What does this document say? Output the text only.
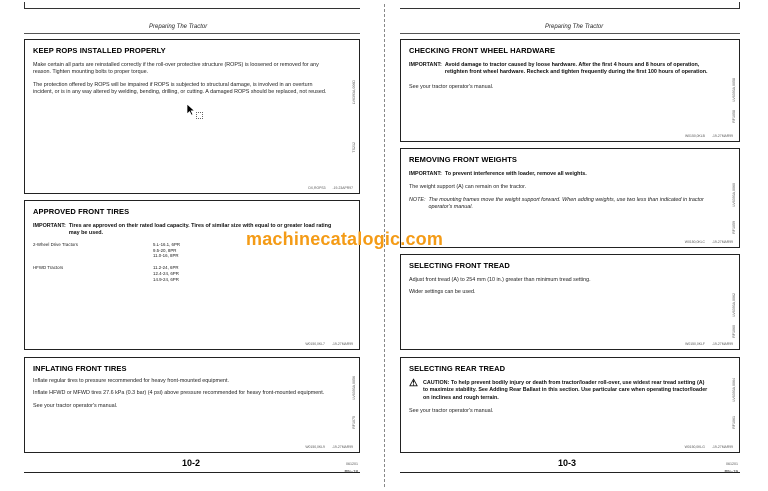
Preparing The Tractor
KEEP ROPS INSTALLED PROPERLY

Make certain all parts are reinstalled correctly if the roll-over protective structure (ROPS) is loosened or removed for any reason. Tighten mounting bolts to proper torque.

The protection offered by ROPS will be impaired if ROPS is subjected to structural damage, is involved in an overturn incident, or is in any way altered by welding, bending, drilling, or cutting. A damaged ROPS should be replaced, not reused.	LV6393A,006D
TS212
DX,ROPS3 -19-23APR97
APPROVED FRONT TIRES
IMPORTANT: Tires are approved on their rated load capacity. Tires of similar size with equal to or greater load rating may be used.
2-Wheel Drive Tractors	5.L-16.1, 6PR
	9.5-20, 8PR
	11.0-16, 8PR

HFWD Tractors	11.2-24, 6PR
	12.4-24, 6PR
	14.9-24, 6PR
W0150,0KL7 -19-27MAR99
INFLATING FRONT TIRES

Inflate regular tires to pressure recommended for heavy front-mounted equipment.

Inflate HFWD or MFWD tires 27.6 kPa (0.3 bar) (4 psi) above pressure recommended for heavy front-mounted equipment.

See your tractor operator's manual.

LV6393A,0056
RF1075
W0150,0KL9 -19-27MAR99
10-2	061201
PN=18
Preparing The Tractor
CHECKING FRONT WHEEL HARDWARE
IMPORTANT: Avoid damage to tractor caused by loose hardware. After the first 4 hours and 8 hours of operation, retighten front wheel hardware. Recheck and tighten frequently during the first 100 hours of operation.

See your tractor operator's manual.	LV6393A,0058
RF1058
W0150,0KLB -19-27MAR99
REMOVING FRONT WEIGHTS
IMPORTANT: To prevent interference with loader, remove all weights.

The weight support (A) can remain on the tractor.

NOTE: The mounting frames move the weight support forward. When adding weights, use two less than indicated in tractor operator's manual.
LV6393A,0060
RF1059
W0150,0KLC -19-27MAR99
SELECTING FRONT TREAD

Adjust front tread (A) to 254 mm (10 in.) greater than minimum tread setting.

Wider settings can be used.

LV6393A,0062
RF1060
W0150,0KLF -19-27MAR99
SELECTING REAR TREAD
⚠ CAUTION: To help prevent bodily injury or death from tractor/loader roll-over, use widest rear tread setting (A) to maximize stability. See Adding Rear Ballast in this section. Use particular care when operating tractor/loader on inclines and rough terrain.

See your tractor operator's manual.

LV6393A,0064
RF1061
W0150,0KLG -19-27MAR99
10-3	061201
PN=19
machinecatalogic.com
